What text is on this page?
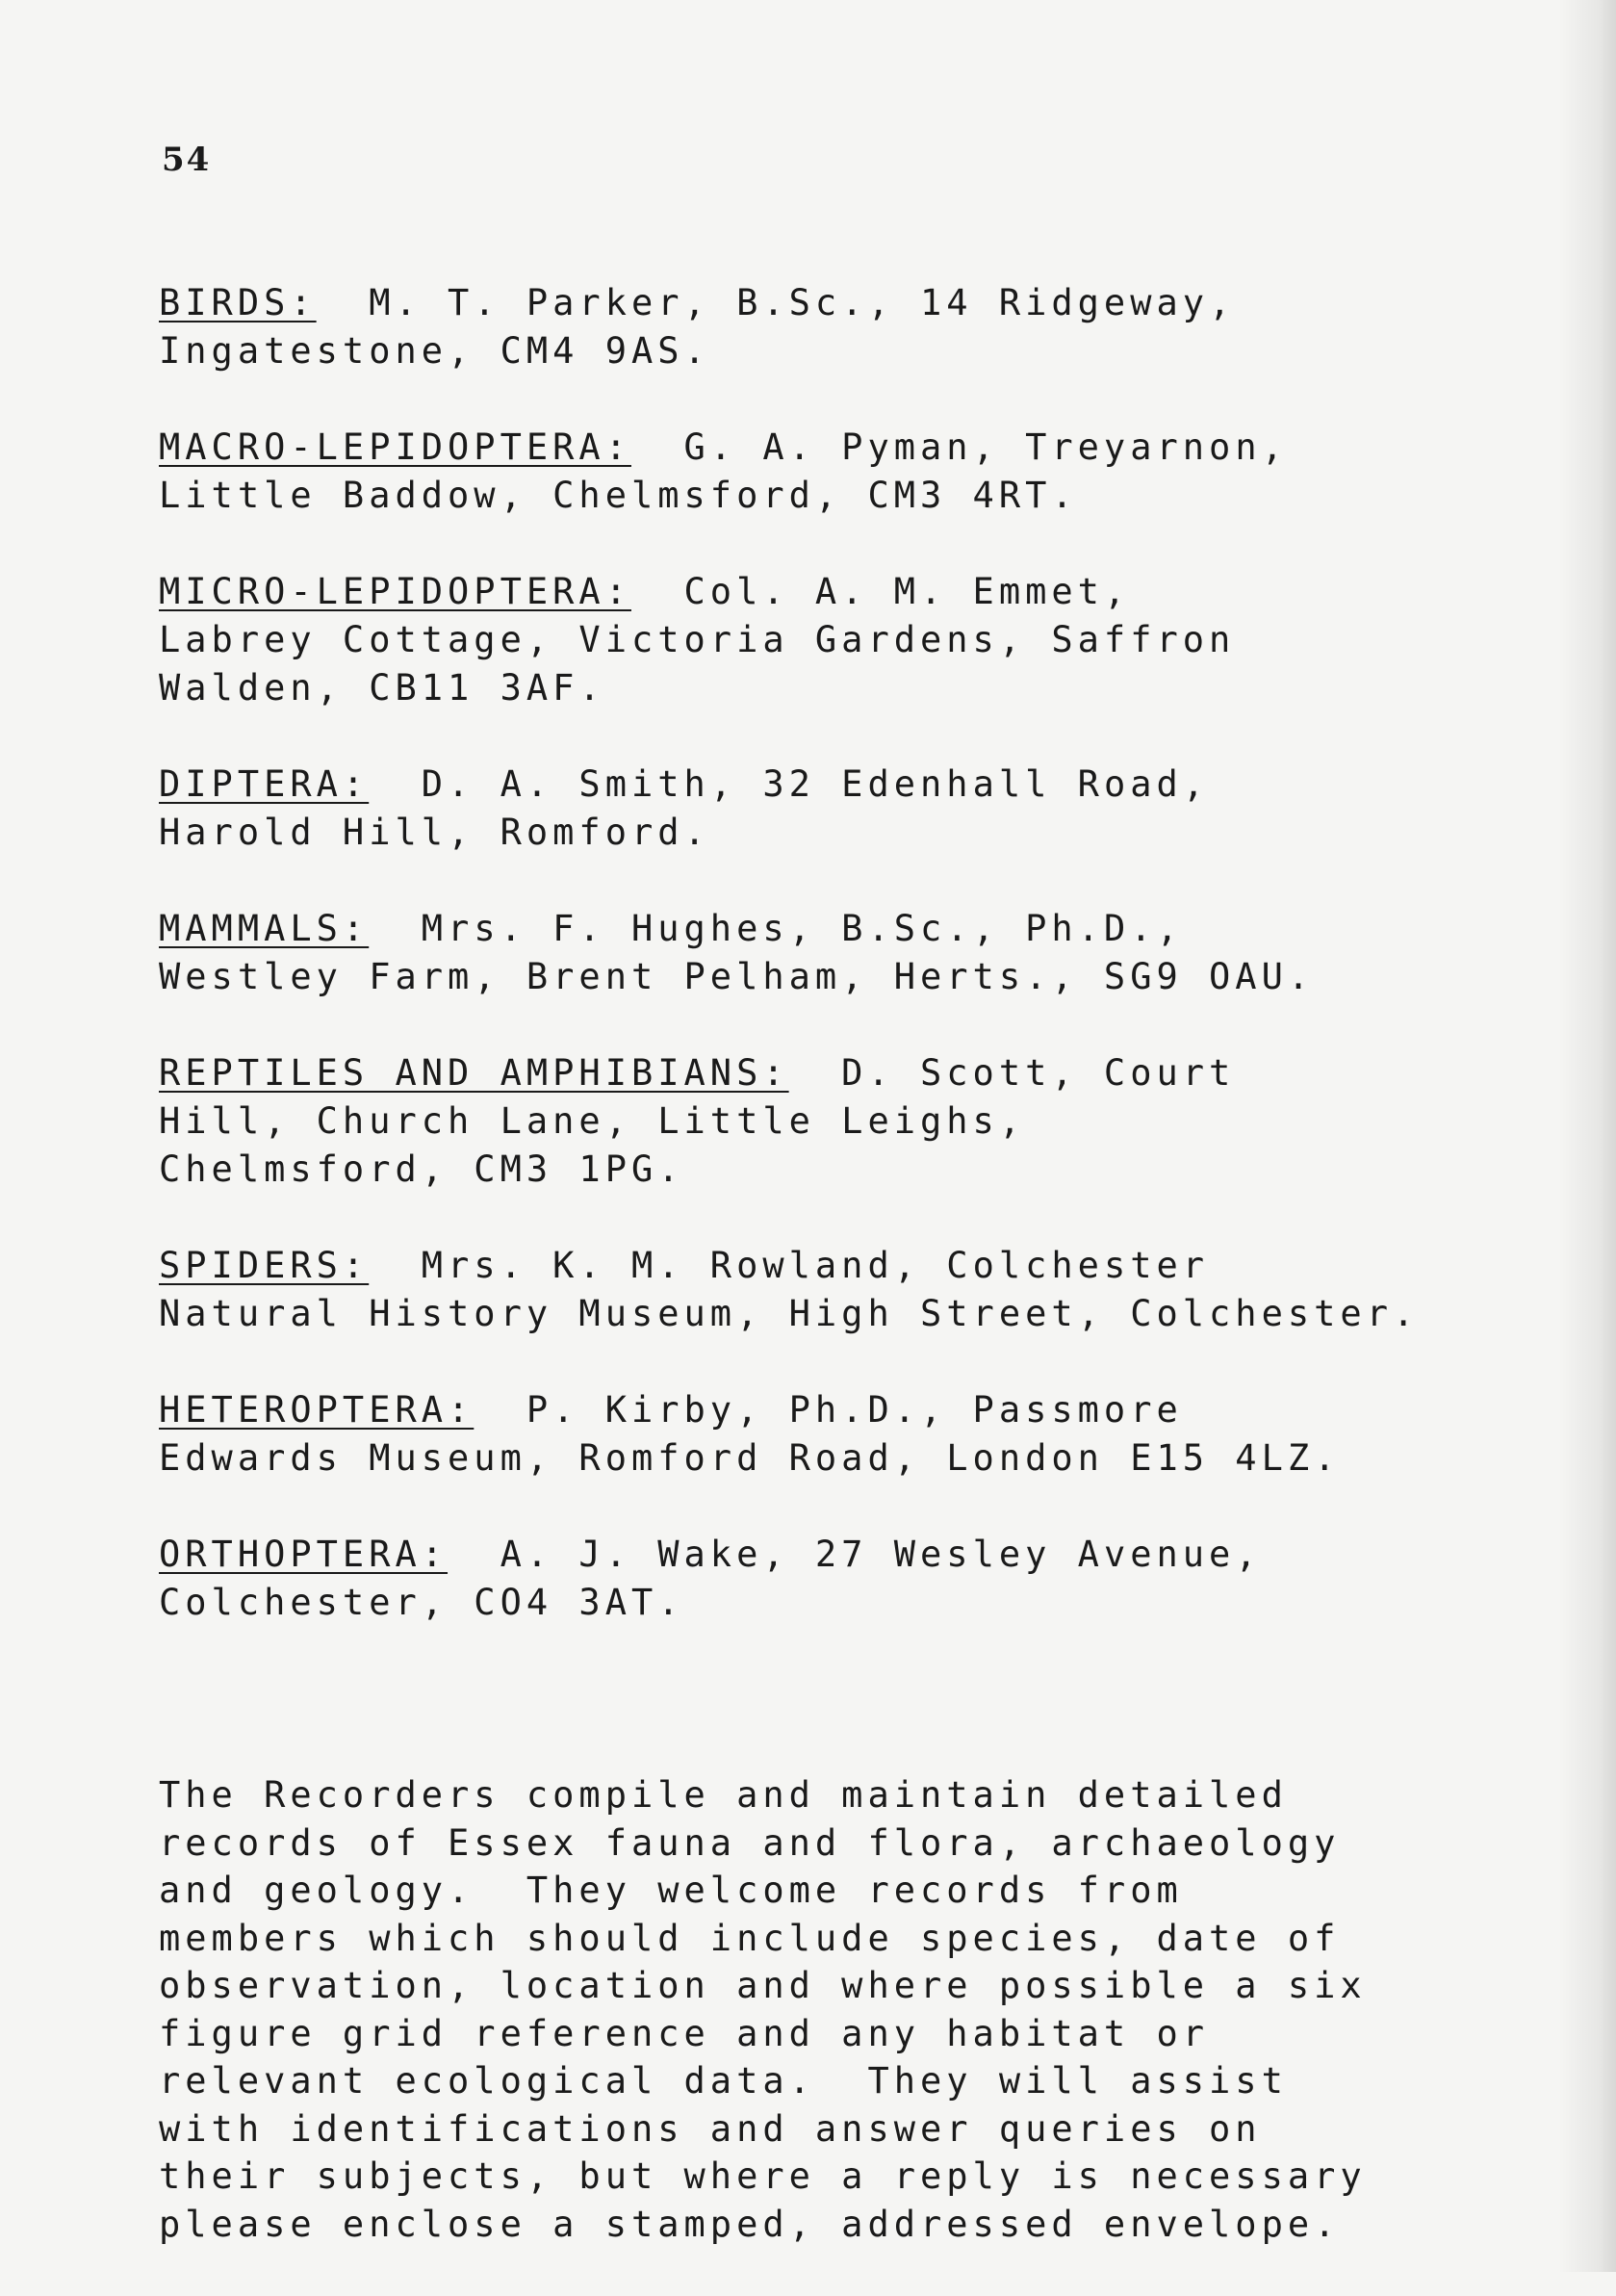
54

BIRDS:  M. T. Parker, B.Sc., 14 Ridgeway,
Ingatestone, CM4 9AS.
MACRO-LEPIDOPTERA:  G. A. Pyman, Treyarnon,
Little Baddow, Chelmsford, CM3 4RT.
MICRO-LEPIDOPTERA:  Col. A. M. Emmet,
Labrey Cottage, Victoria Gardens, Saffron
Walden, CB11 3AF.
DIPTERA:  D. A. Smith, 32 Edenhall Road,
Harold Hill, Romford.
MAMMALS:  Mrs. F. Hughes, B.Sc., Ph.D.,
Westley Farm, Brent Pelham, Herts., SG9 OAU.
REPTILES AND AMPHIBIANS:  D. Scott, Court
Hill, Church Lane, Little Leighs,
Chelmsford, CM3 1PG.
SPIDERS:  Mrs. K. M. Rowland, Colchester
Natural History Museum, High Street, Colchester.
HETEROPTERA:  P. Kirby, Ph.D., Passmore
Edwards Museum, Romford Road, London E15 4LZ.
ORTHOPTERA:  A. J. Wake, 27 Wesley Avenue,
Colchester, CO4 3AT.

The Recorders compile and maintain detailed
records of Essex fauna and flora, archaeology
and geology.  They welcome records from
members which should include species, date of
observation, location and where possible a six
figure grid reference and any habitat or
relevant ecological data.  They will assist
with identifications and answer queries on
their subjects, but where a reply is necessary
please enclose a stamped, addressed envelope.
